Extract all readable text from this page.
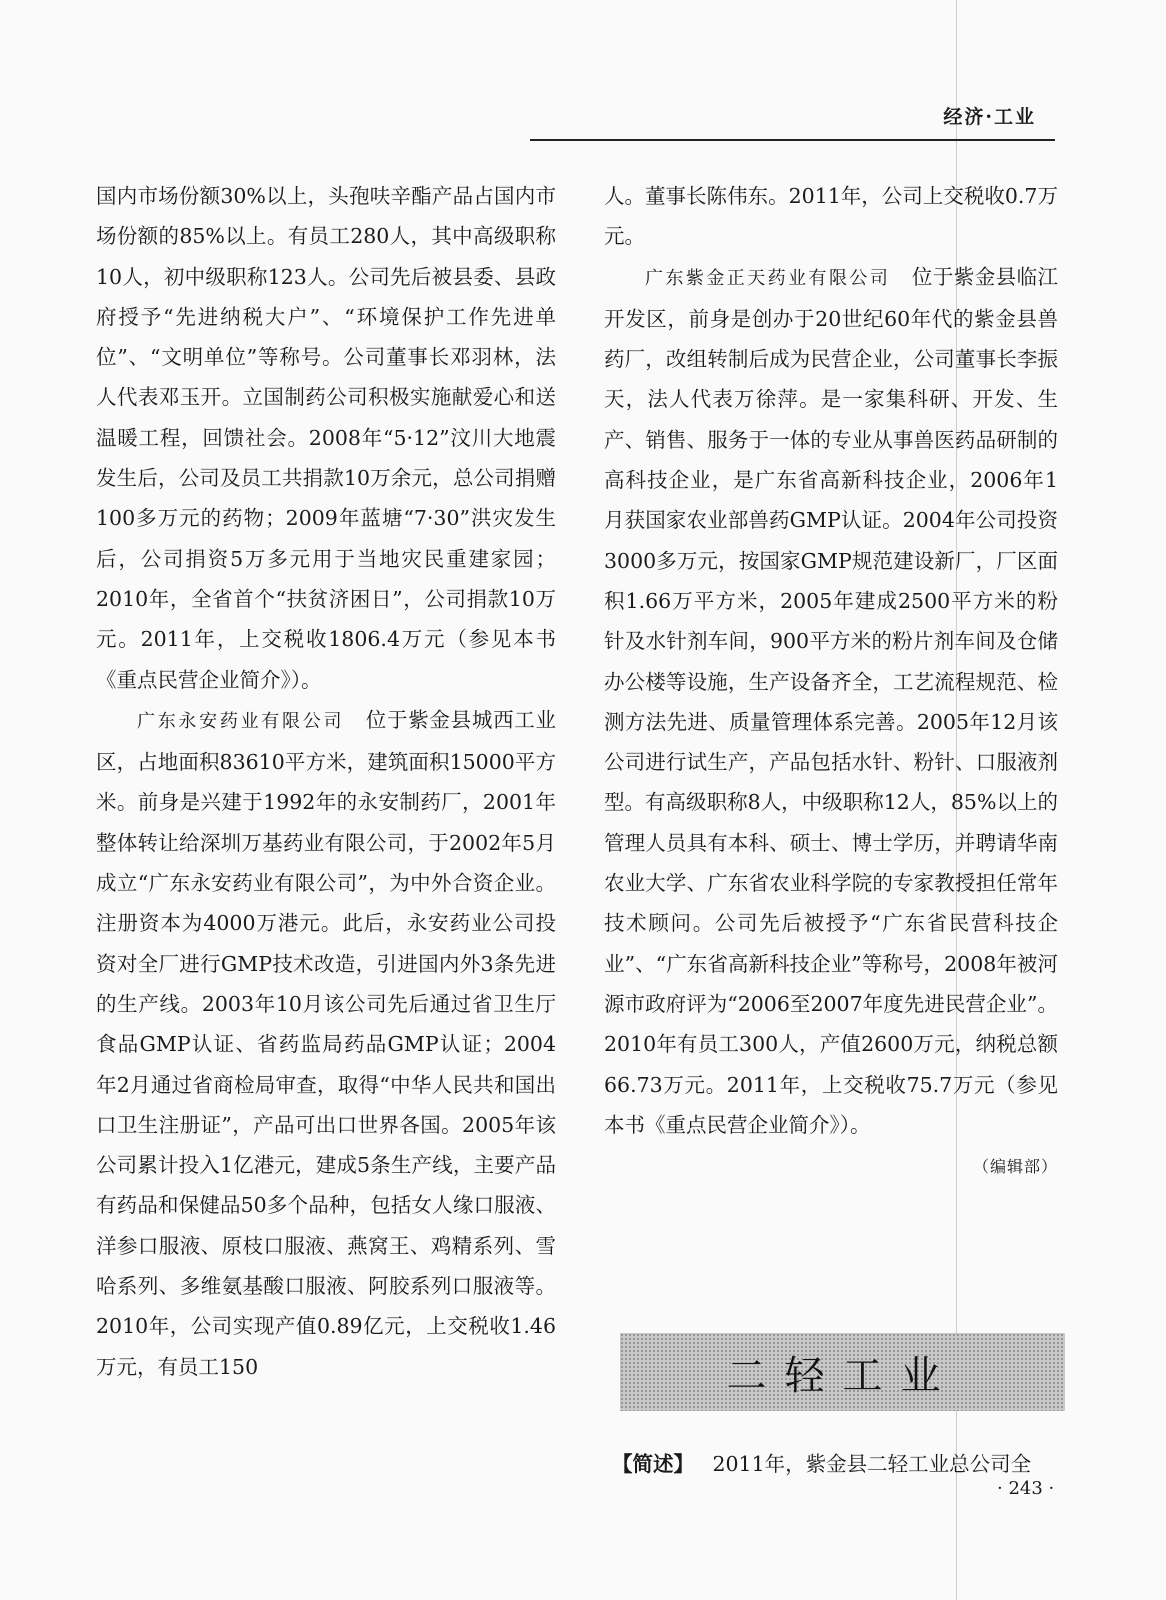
经济·工业

国内市场份额30%以上，头孢呋辛酯产品占国内市场份额的85%以上。有员工280人，其中高级职称10人，初中级职称123人。公司先后被县委、县政府授予“先进纳税大户”、“环境保护工作先进单位”、“文明单位”等称号。公司董事长邓羽林，法人代表邓玉开。立国制药公司积极实施献爱心和送温暖工程，回馈社会。2008年“5·12”汶川大地震发生后，公司及员工共捐款10万余元，总公司捐赠100多万元的药物；2009年蓝塘“7·30”洪灾发生后，公司捐资5万多元用于当地灾民重建家园；2010年，全省首个“扶贫济困日”，公司捐款10万元。2011年，上交税收1806.4万元（参见本书《重点民营企业简介》）。

广东永安药业有限公司 位于紫金县城西工业区，占地面积83610平方米，建筑面积15000平方米。前身是兴建于1992年的永安制药厂，2001年整体转让给深圳万基药业有限公司，于2002年5月成立“广东永安药业有限公司”，为中外合资企业。注册资本为4000万港元。此后，永安药业公司投资对全厂进行GMP技术改造，引进国内外3条先进的生产线。2003年10月该公司先后通过省卫生厅食品GMP认证、省药监局药品GMP认证；2004年2月通过省商检局审查，取得“中华人民共和国出口卫生注册证”，产品可出口世界各国。2005年该公司累计投入1亿港元，建成5条生产线，主要产品有药品和保健品50多个品种，包括女人缘口服液、洋参口服液、原枝口服液、燕窝王、鸡精系列、雪哈系列、多维氨基酸口服液、阿胶系列口服液等。2010年，公司实现产值0.89亿元，上交税收1.46万元，有员工150

人。董事长陈伟东。2011年，公司上交税收0.7万元。

广东紫金正天药业有限公司 位于紫金县临江开发区，前身是创办于20世纪60年代的紫金县兽药厂，改组转制后成为民营企业，公司董事长李振天，法人代表万徐萍。是一家集科研、开发、生产、销售、服务于一体的专业从事兽医药品研制的高科技企业，是广东省高新科技企业，2006年1月获国家农业部兽药GMP认证。2004年公司投资3000多万元，按国家GMP规范建设新厂，厂区面积1.66万平方米，2005年建成2500平方米的粉针及水针剂车间，900平方米的粉片剂车间及仓储办公楼等设施，生产设备齐全，工艺流程规范、检测方法先进、质量管理体系完善。2005年12月该公司进行试生产，产品包括水针、粉针、口服液剂型。有高级职称8人，中级职称12人，85%以上的管理人员具有本科、硕士、博士学历，并聘请华南农业大学、广东省农业科学院的专家教授担任常年技术顾问。公司先后被授予“广东省民营科技企业”、“广东省高新科技企业”等称号，2008年被河源市政府评为“2006至2007年度先进民营企业”。2010年有员工300人，产值2600万元，纳税总额66.73万元。2011年，上交税收75.7万元（参见本书《重点民营企业简介》）。

（编辑部）
二轻工业
【简述】 2011年，紫金县二轻工业总公司全
· 243 ·
